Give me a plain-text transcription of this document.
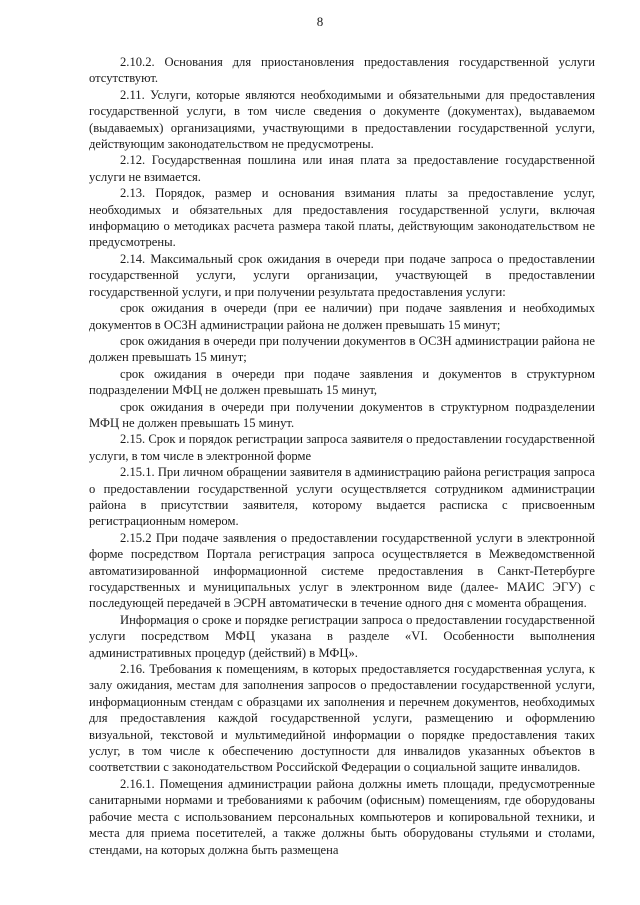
8

2.10.2. Основания для приостановления предоставления государственной услуги отсутствуют.

2.11. Услуги, которые являются необходимыми и обязательными для предоставления государственной услуги, в том числе сведения о документе (документах), выдаваемом (выдаваемых) организациями, участвующими в предоставлении государственной услуги, действующим законодательством не предусмотрены.

2.12. Государственная пошлина или иная плата за предоставление государственной услуги не взимается.

2.13. Порядок, размер и основания взимания платы за предоставление услуг, необходимых и обязательных для предоставления государственной услуги, включая информацию о методиках расчета размера такой платы, действующим законодательством не предусмотрены.

2.14. Максимальный срок ожидания в очереди при подаче запроса о предоставлении государственной услуги, услуги организации, участвующей в предоставлении государственной услуги, и при получении результата предоставления услуги:

срок ожидания в очереди (при ее наличии) при подаче заявления и необходимых документов в ОСЗН администрации района не должен превышать 15 минут;

срок ожидания в очереди при получении документов в ОСЗН администрации района не должен превышать 15 минут;

срок ожидания в очереди при подаче заявления и документов в структурном подразделении МФЦ не должен превышать 15 минут,

срок ожидания в очереди при получении документов в структурном подразделении МФЦ не должен превышать 15 минут.

2.15. Срок и порядок регистрации запроса заявителя о предоставлении государственной услуги, в том числе в электронной форме

2.15.1. При личном обращении заявителя в администрацию района регистрация запроса о предоставлении государственной услуги осуществляется сотрудником администрации района в присутствии заявителя, которому выдается расписка с присвоенным регистрационным номером.

2.15.2 При подаче заявления о предоставлении государственной услуги в электронной форме посредством Портала регистрация запроса осуществляется в Межведомственной автоматизированной информационной системе предоставления в Санкт-Петербурге государственных и муниципальных услуг в электронном виде (далее- МАИС ЭГУ) с последующей передачей в ЭСРН автоматически в течение одного дня с момента обращения.

Информация о сроке и порядке регистрации запроса о предоставлении государственной услуги посредством МФЦ указана в разделе «VI. Особенности выполнения административных процедур (действий) в МФЦ».

2.16. Требования к помещениям, в которых предоставляется государственная услуга, к залу ожидания, местам для заполнения запросов о предоставлении государственной услуги, информационным стендам с образцами их заполнения и перечнем документов, необходимых для предоставления каждой государственной услуги, размещению и оформлению визуальной, текстовой и мультимедийной информации о порядке предоставления таких услуг, в том числе к обеспечению доступности для инвалидов указанных объектов в соответствии с законодательством Российской Федерации о социальной защите инвалидов.

2.16.1. Помещения администрации района должны иметь площади, предусмотренные санитарными нормами и требованиями к рабочим (офисным) помещениям, где оборудованы рабочие места с использованием персональных компьютеров и копировальной техники, и места для приема посетителей, а также должны быть оборудованы стульями и столами, стендами, на которых должна быть размещена
